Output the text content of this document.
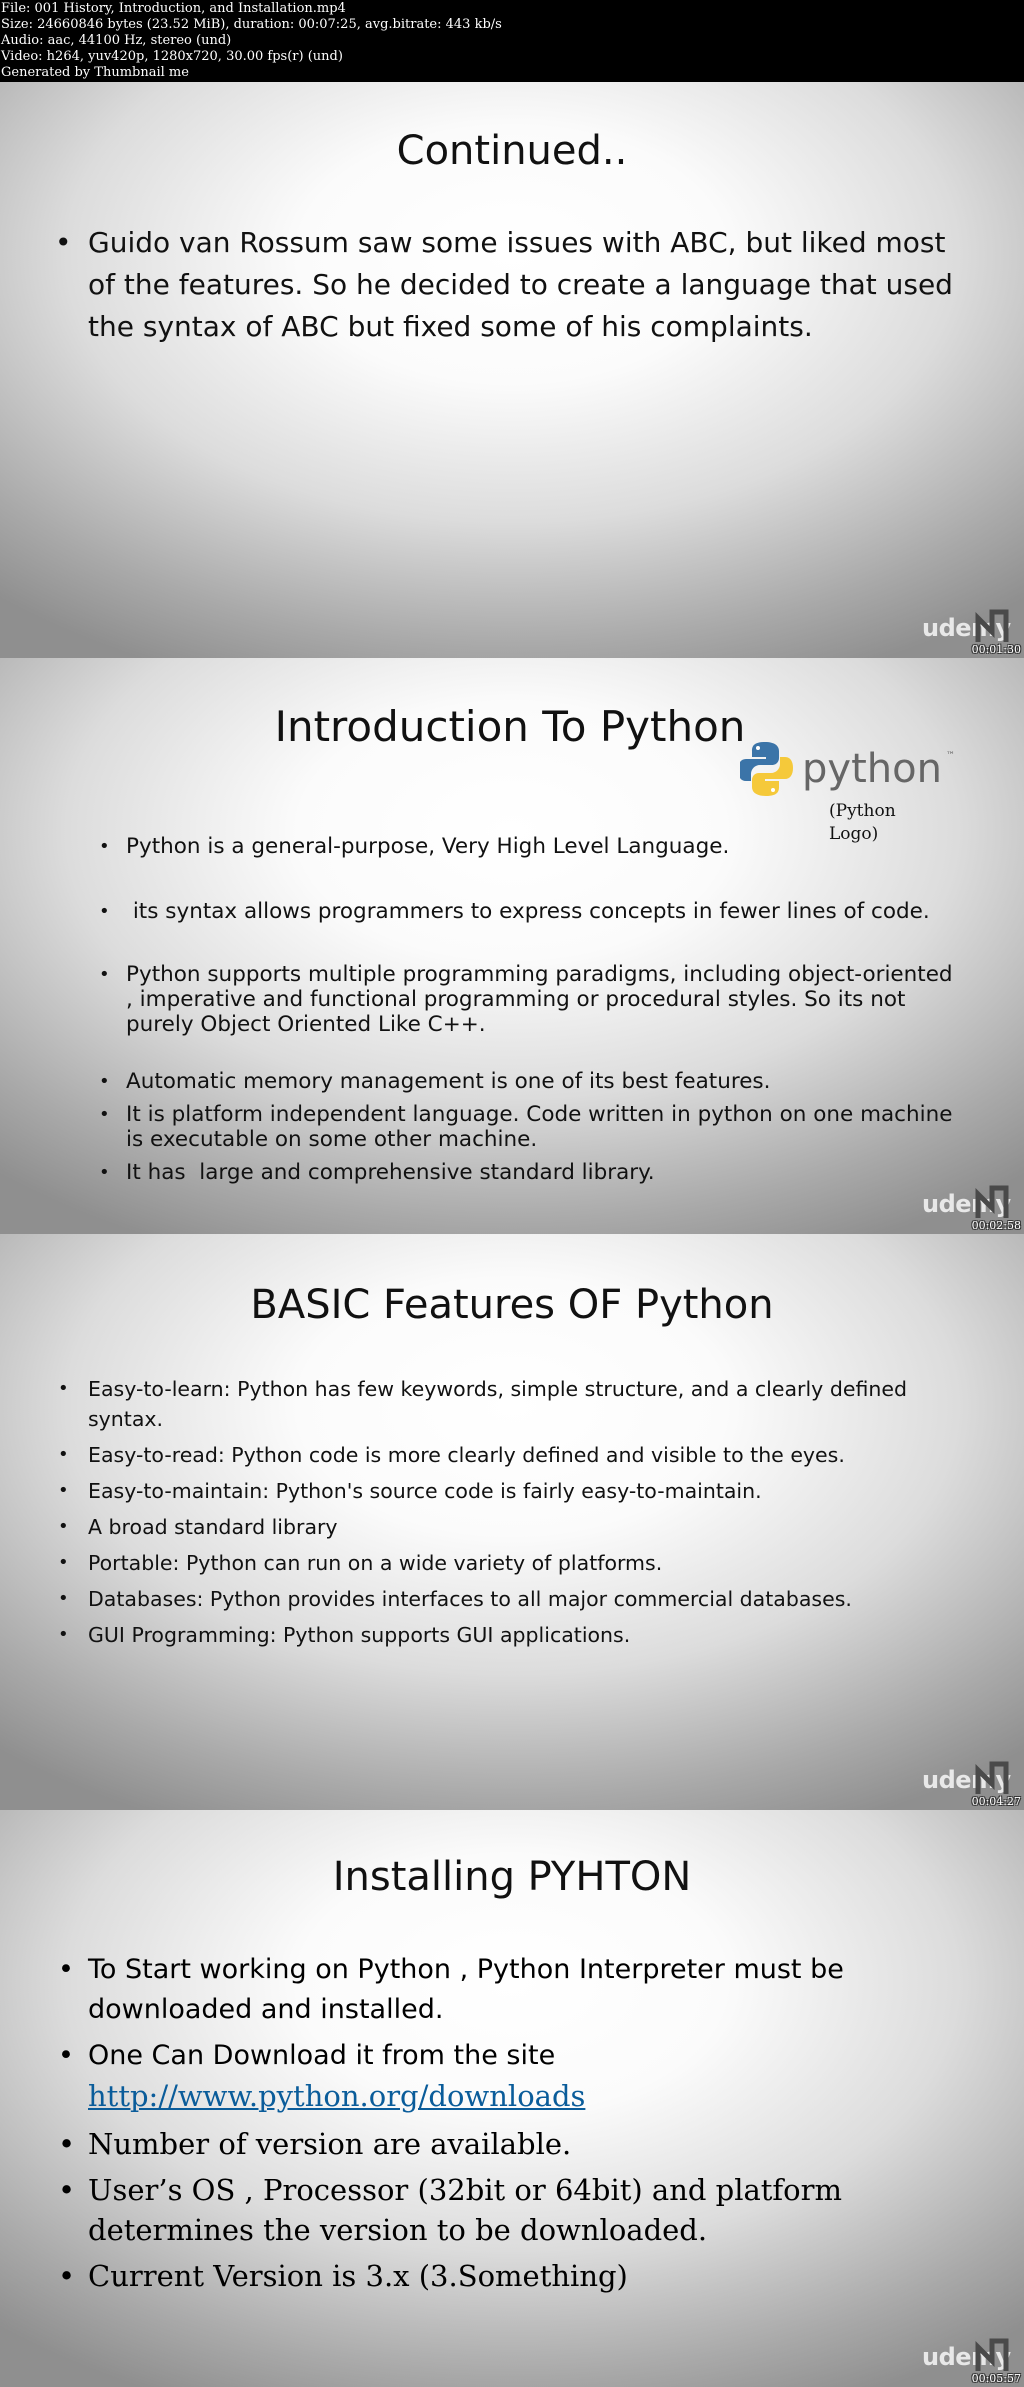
File: 001 History, Introduction, and Installation.mp4
Size: 24660846 bytes (23.52 MiB), duration: 00:07:25, avg.bitrate: 443 kb/s
Audio: aac, 44100 Hz, stereo (und)
Video: h264, yuv420p, 1280x720, 30.00 fps(r) (und)
Generated by Thumbnail me
Continued..
• Guido van Rossum saw some issues with ABC, but liked most of the features. So he decided to create a language that used the syntax of ABC but fixed some of his complaints.
udemy
00:01:30
Introduction To Python
python ™
(Python Logo)
• Python is a general-purpose, Very High Level Language.
•  its syntax allows programmers to express concepts in fewer lines of code.
• Python supports multiple programming paradigms, including object-oriented , imperative and functional programming or procedural styles. So its not purely Object Oriented Like C++.
• Automatic memory management is one of its best features.
• It is platform independent language. Code written in python on one machine is executable on some other machine.
• It has  large and comprehensive standard library.
udemy
00:02:58
BASIC Features OF Python
• Easy-to-learn: Python has few keywords, simple structure, and a clearly defined syntax.
• Easy-to-read: Python code is more clearly defined and visible to the eyes.
• Easy-to-maintain: Python's source code is fairly easy-to-maintain.
• A broad standard library
• Portable: Python can run on a wide variety of platforms.
• Databases: Python provides interfaces to all major commercial databases.
• GUI Programming: Python supports GUI applications.
udemy
00:04:27
Installing PYHTON
• To Start working on Python , Python Interpreter must be downloaded and installed.
• One Can Download it from the site
http://www.python.org/downloads
• Number of version are available.
• User’s OS , Processor (32bit or 64bit) and platform determines the version to be downloaded.
• Current Version is 3.x (3.Something)
udemy
00:05:57
